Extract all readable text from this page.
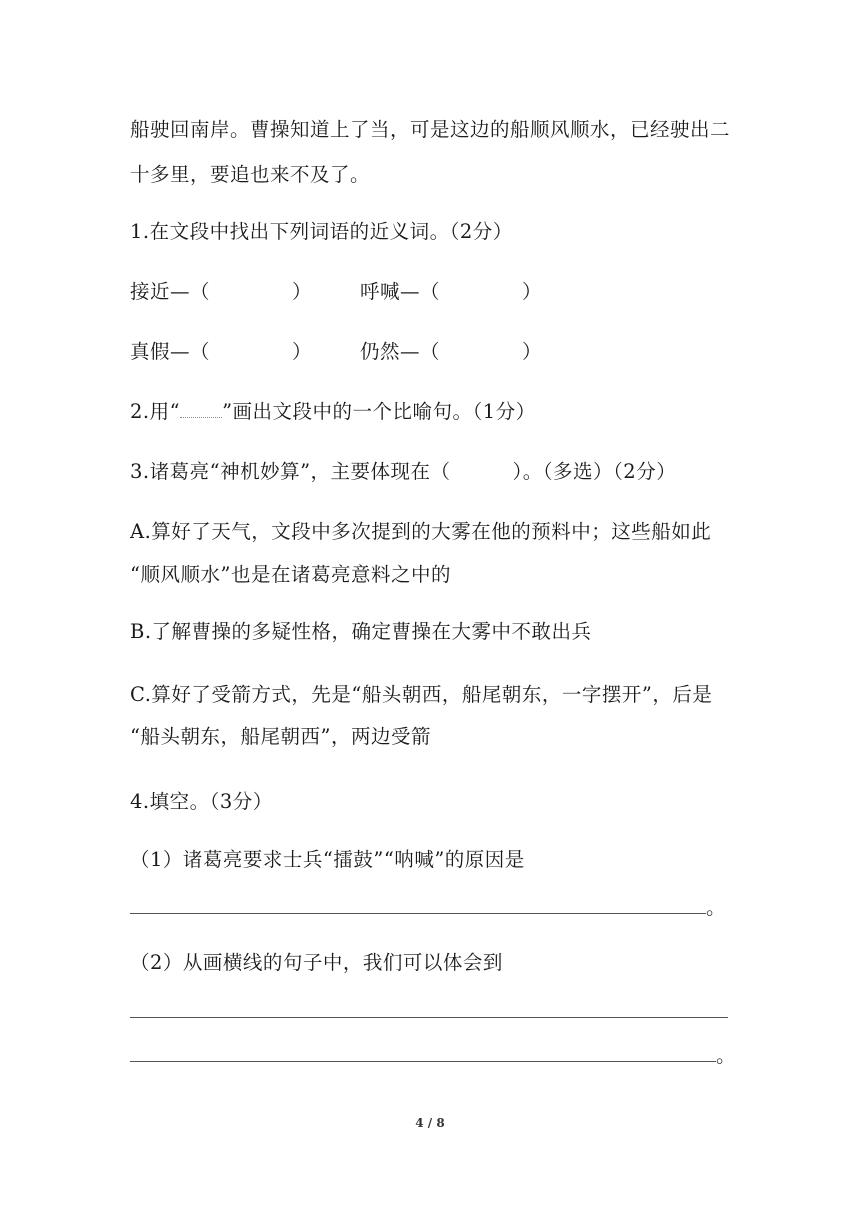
船驶回南岸。曹操知道上了当，可是这边的船顺风顺水，已经驶出二
十多里，要追也来不及了。
1.在文段中找出下列词语的近义词。（2分）
接近—（	） 呼喊—（	）
真假—（	） 仍然—（	）
2.用“ ”画出文段中的一个比喻句。（1分）
3.诸葛亮“神机妙算”，主要体现在（	）。（多选）（2分）
A.算好了天气，文段中多次提到的大雾在他的预料中；这些船如此
“顺风顺水”也是在诸葛亮意料之中的
B.了解曹操的多疑性格，确定曹操在大雾中不敢出兵
C.算好了受箭方式，先是“船头朝西，船尾朝东，一字摆开”，后是
“船头朝东，船尾朝西”，两边受箭
4.填空。（3分）
（1）诸葛亮要求士兵“擂鼓”“呐喊”的原因是
。
（2）从画横线的句子中，我们可以体会到
。
4 / 8
